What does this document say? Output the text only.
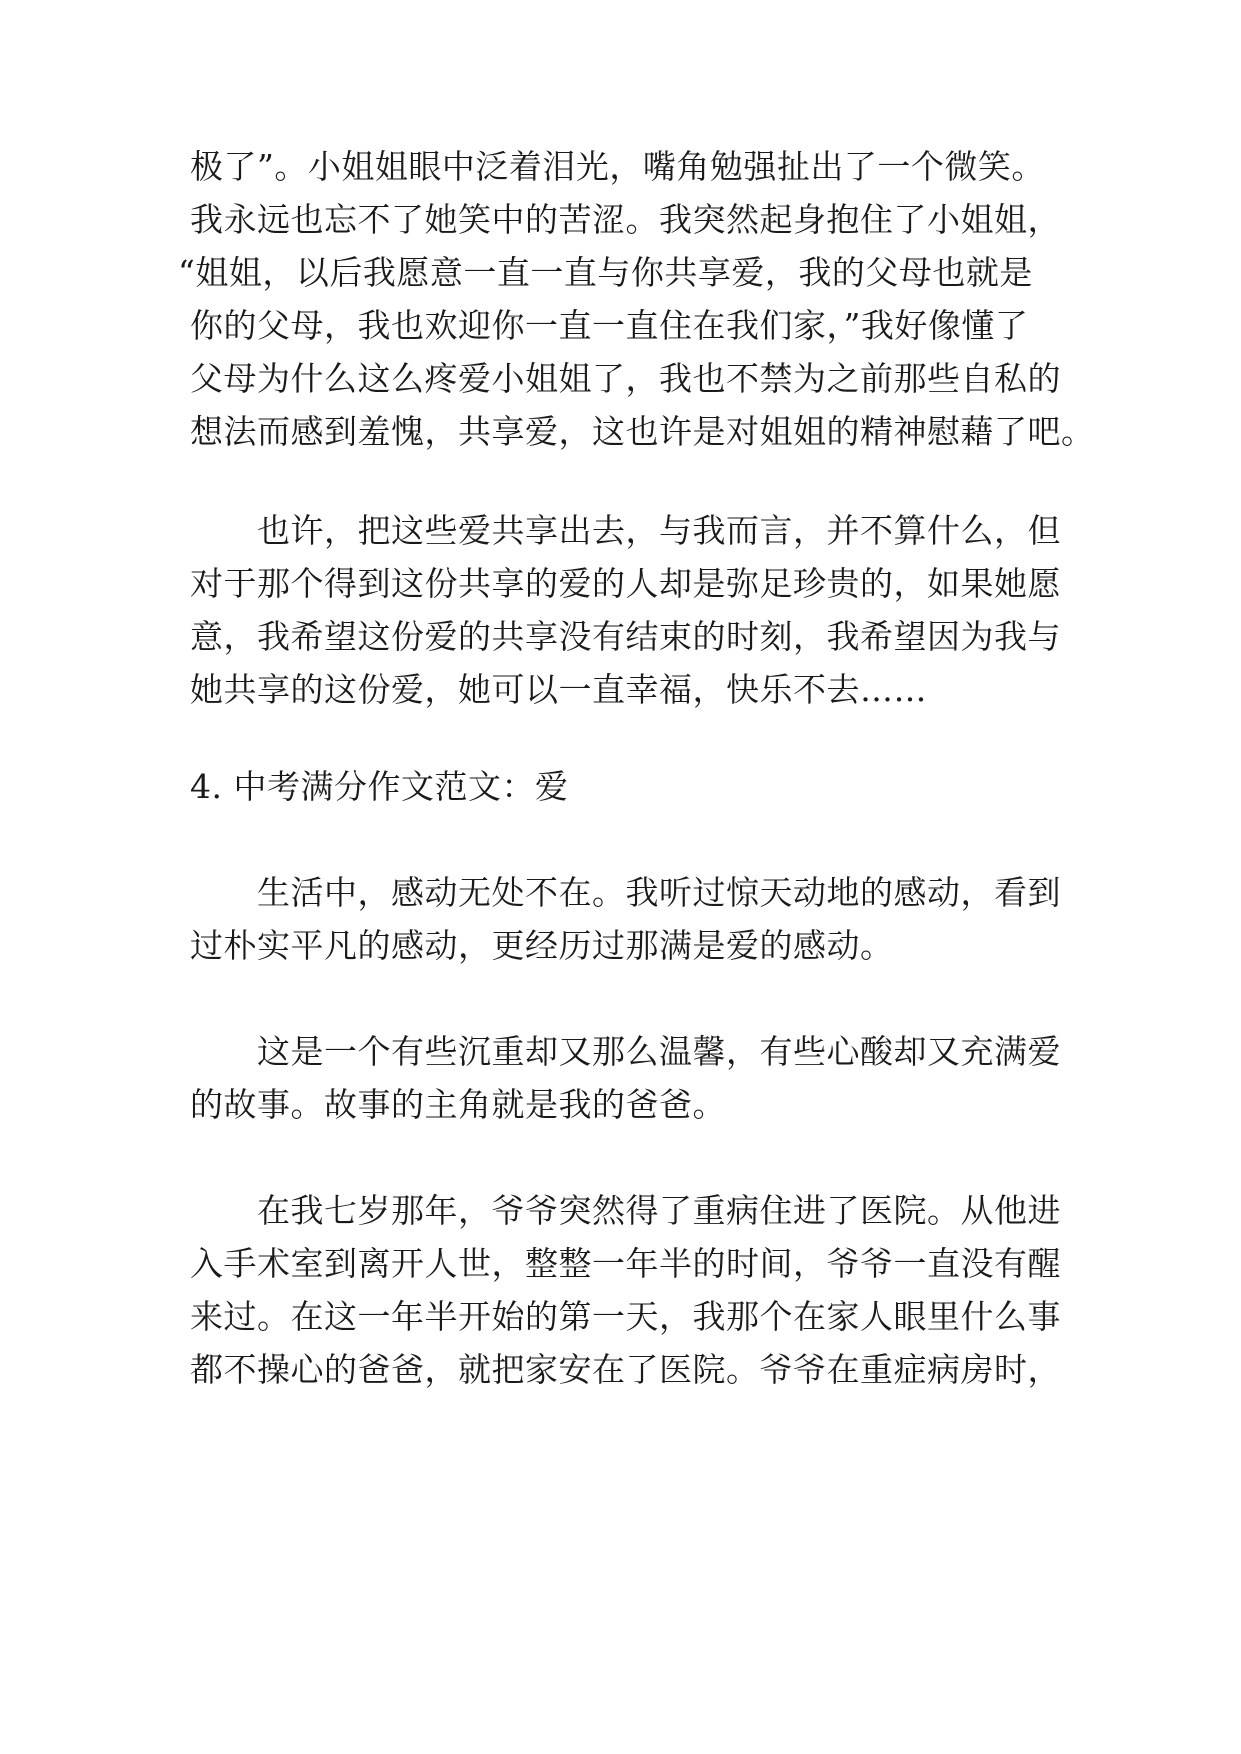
极了”。小姐姐眼中泛着泪光，嘴角勉强扯出了一个微笑。
我永远也忘不了她笑中的苦涩。我突然起身抱住了小姐姐，
“姐姐，以后我愿意一直一直与你共享爱，我的父母也就是
你的父母，我也欢迎你一直一直住在我们家，”我好像懂了
父母为什么这么疼爱小姐姐了，我也不禁为之前那些自私的
想法而感到羞愧，共享爱，这也许是对姐姐的精神慰藉了吧。
也许，把这些爱共享出去，与我而言，并不算什么，但
对于那个得到这份共享的爱的人却是弥足珍贵的，如果她愿
意，我希望这份爱的共享没有结束的时刻，我希望因为我与
她共享的这份爱，她可以一直幸福，快乐不去……
4. 中考满分作文范文：爱
生活中，感动无处不在。我听过惊天动地的感动，看到
过朴实平凡的感动，更经历过那满是爱的感动。
这是一个有些沉重却又那么温馨，有些心酸却又充满爱
的故事。故事的主角就是我的爸爸。
在我七岁那年，爷爷突然得了重病住进了医院。从他进
入手术室到离开人世，整整一年半的时间，爷爷一直没有醒
来过。在这一年半开始的第一天，我那个在家人眼里什么事
都不操心的爸爸，就把家安在了医院。爷爷在重症病房时，
